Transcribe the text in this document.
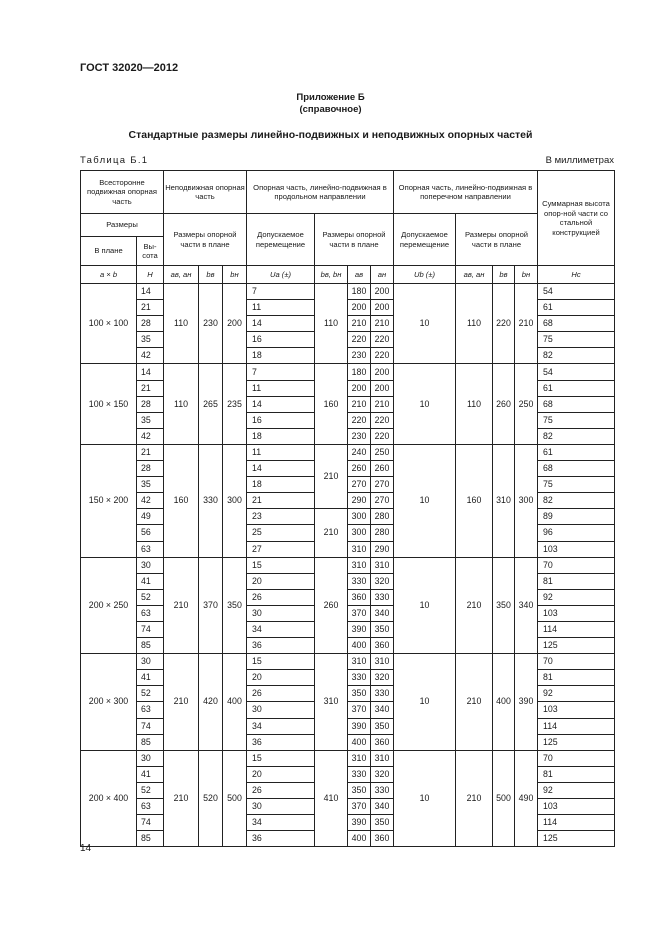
ГОСТ 32020—2012
Приложение Б
(справочное)
Стандартные размеры линейно-подвижных и неподвижных опорных частей
Таблица Б.1	В миллиметрах
Всесторонне подвижная опорная часть		Неподвижная опорная часть			Опорная часть, линейно-подвижная в продольном направлении				Опорная часть, линейно-подвижная в поперечном направлении				Суммарная высота опор-ной части со стальной конструкцией
Размеры		Размеры опорной части в плане			Допускаемое перемещение	Размеры опорной части в плане			Допускаемое перемещение	Размеры опорной части в плане			
В плане	Вы-сота												
a × b	H	aв, aн	bв	bн	Ua (±)	bв, bн	aв	aн	Ub (±)	aв, aн	bв	bн	Hс
100 × 100	14	110	230	200	7	110	180	200	10	110	220	210	54
	21				11		200	200					61
	28				14		210	210					68
	35				16		220	220					75
	42				18		230	220					82
100 × 150	14	110	265	235	7	160	180	200	10	110	260	250	54
	21				11		200	200					61
	28				14		210	210					68
	35				16		220	220					75
	42				18		230	220					82
150 × 200	21	160	330	300	11	210	240	250	10	160	310	300	61
	28				14		260	260					68
	35				18		270	270					75
	42				21		290	270					82
	49				23	210	300	280					89
	56				25		300	280					96
	63				27		310	290					103
200 × 250	30	210	370	350	15	260	310	310	10	210	350	340	70
	41				20		330	320					81
	52				26		360	330					92
	63				30		370	340					103
	74				34		390	350					114
	85				36		400	360					125
200 × 300	30	210	420	400	15	310	310	310	10	210	400	390	70
	41				20		330	320					81
	52				26		350	330					92
	63				30		370	340					103
	74				34		390	350					114
	85				36		400	360					125
200 × 400	30	210	520	500	15	410	310	310	10	210	500	490	70
	41				20		330	320					81
	52				26		350	330					92
	63				30		370	340					103
	74				34		390	350					114
	85				36		400	360					125
14
